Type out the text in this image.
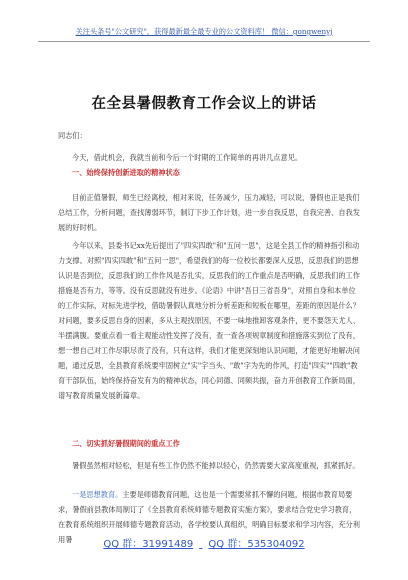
关注头条号"公文研究"，获得最新最全最专业的公文资料库！ 微信：gongwenyj
在全县暑假教育工作会议上的讲话
同志们：
今天，借此机会，我就当前和今后一个时期的工作简单的再讲几点意见。
一、始终保持创新进取的精神状态
目前正值暑假，师生已经离校，相对来说，任务减少，压力减轻，可以说，暑假也正是我们总结工作，分析问题，查找薄弱环节，制订下步工作计划，进一步自我反思，自我完善、自我发展的好时机。
今年以来，县委书记xx先后提出了"四实四敢"和"五问一思"，这是全县工作的精神指引和动力支撑。对照"四实四敢"和"五问一思"，希望我们的每一位校长都要深入反思，反思我们的思想认识是否到位，反思我们的工作作风是否扎实，反思我们的工作重点是否明确，反思我们的工作措施是否有力，等等。没有反思就没有进步。《论语》中讲"吾日三省吾身"，对照自身和本单位的工作实际，对标先进学校，借助暑假认真地分析分析差距和短板在哪里，差距的原因是什么？对问题，要多反思自身的因素，多从主观找原因，不要一味地推卸客观条件，更不要怨天尤人、半摆满腹。要重点看一看主观能动性发挥了没有，查一查各项规章制度和措施落实到位了没有，想一想自己对工作尽职尽责了没有，只有这样，我们才能更深刻地认识问题，才能更好地解决问题，通过反思，全县教育系统要牢固树立"实"字当头、"敢"字为先的作风，打造"四实""四敢"教育干部队伍，始终保持奋发有为的精神状态，同心同德、同频共振，奋力开创教育工作新局面，谱写教育质量发展新篇章。
二、切实抓好暑假期间的重点工作
暑假虽然相对轻松，但是有些工作仍然不能掉以轻心，仍然需要大家高度重视，抓紧抓好。
一是思想教育。主要是师德教育问题，这也是一个需要常抓不懈的问题，根据市教育局要求，暑假前县教体局制订了《全县教育系统师德专题教育实施方案》，要求结合党史学习教育，在教育系统组织开展师德专题教育活动，各学校要认真组织，明确目标要求和学习内容，充分利用暑	QQ 群：31991489 QQ 群：535304092
